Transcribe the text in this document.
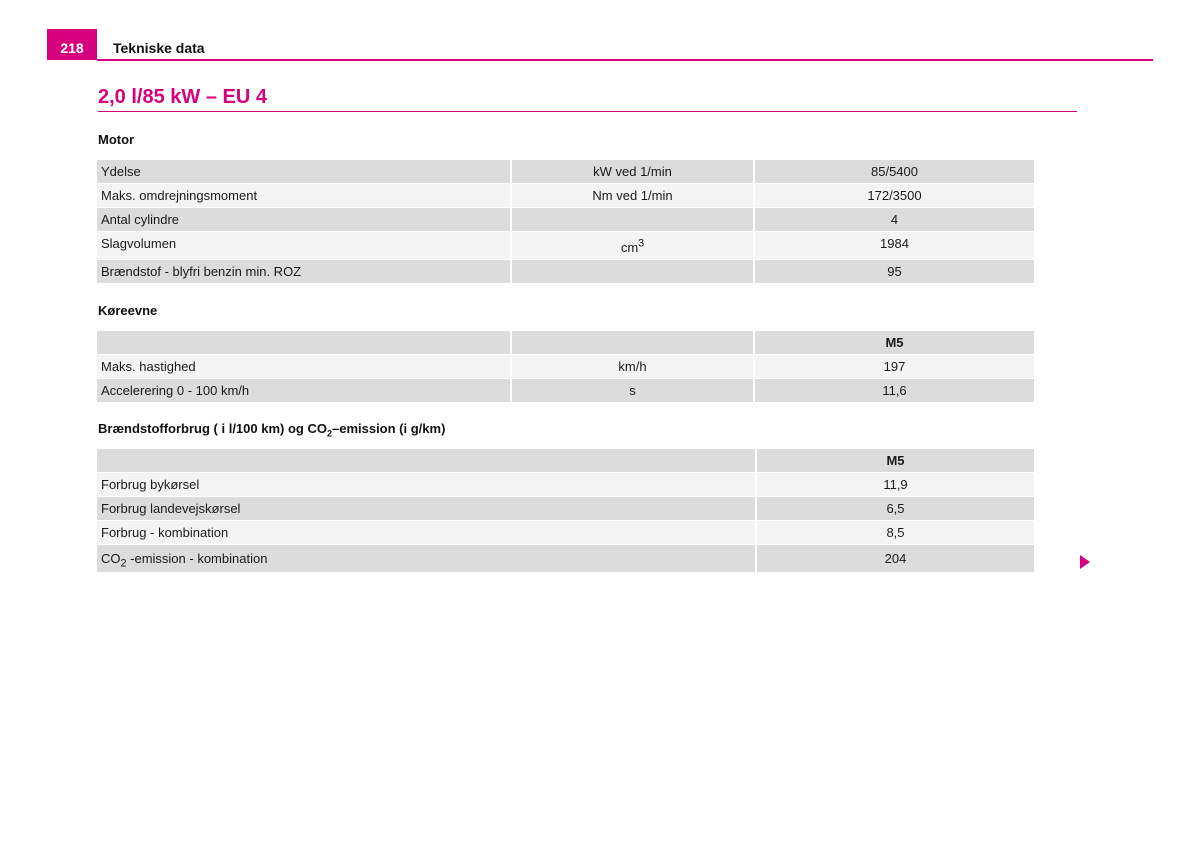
218	Tekniske data
2,0 l/85 kW – EU 4
Motor
Ydelse	kW ved 1/min	85/5400
Maks. omdrejningsmoment	Nm ved 1/min	172/3500
Antal cylindre		4
Slagvolumen	$cm^3$	1984
Brændstof - blyfri benzin min. ROZ		95
Køreevne
		M5
Maks. hastighed	km/h	197
Accelerering 0 - 100 km/h	s	11,6
Brændstofforbrug ( i l/100 km) og $CO_2$–emission (i g/km)
	M5
Forbrug bykørsel	11,9
Forbrug landevejskørsel	6,5
Forbrug - kombination	8,5
$CO_2$ -emission - kombination	204
